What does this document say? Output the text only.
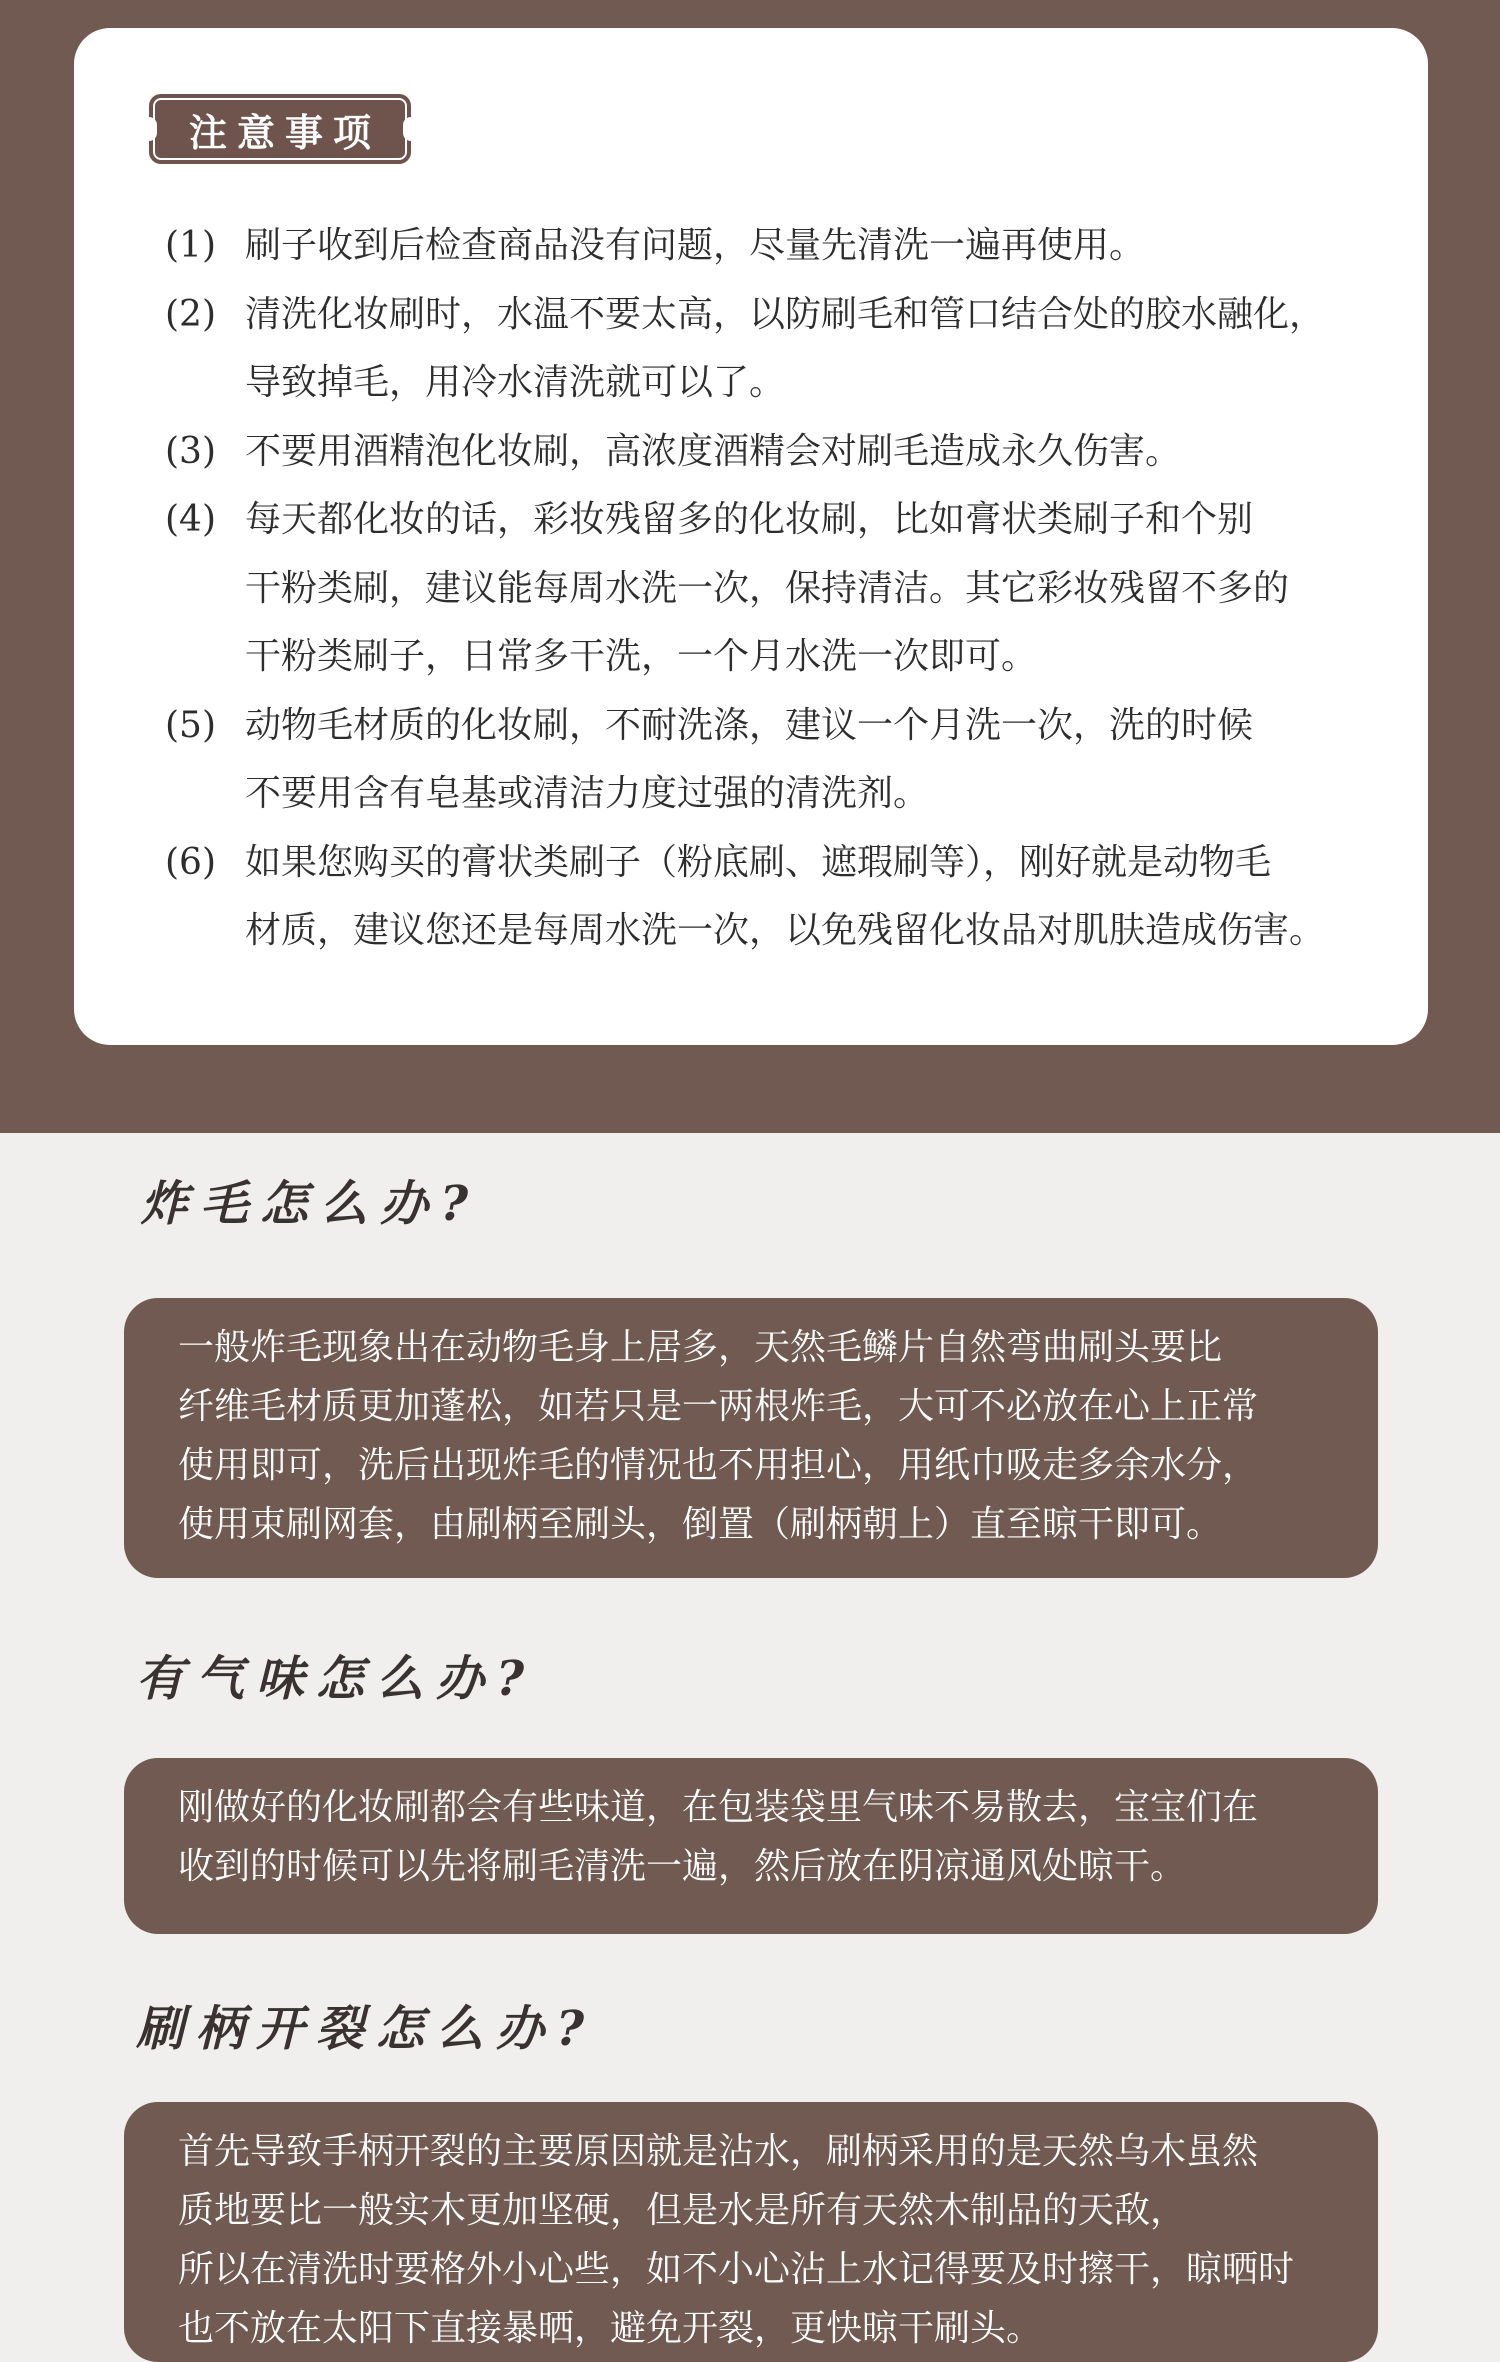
注意事项
(1) 刷子收到后检查商品没有问题，尽量先清洗一遍再使用。
(2) 清洗化妆刷时，水温不要太高，以防刷毛和管口结合处的胶水融化，
导致掉毛，用冷水清洗就可以了。
(3) 不要用酒精泡化妆刷，高浓度酒精会对刷毛造成永久伤害。
(4) 每天都化妆的话，彩妆残留多的化妆刷，比如膏状类刷子和个别
干粉类刷，建议能每周水洗一次，保持清洁。其它彩妆残留不多的
干粉类刷子，日常多干洗，一个月水洗一次即可。
(5) 动物毛材质的化妆刷，不耐洗涤，建议一个月洗一次，洗的时候
不要用含有皂基或清洁力度过强的清洗剂。
(6) 如果您购买的膏状类刷子（粉底刷、遮瑕刷等），刚好就是动物毛
材质，建议您还是每周水洗一次，以免残留化妆品对肌肤造成伤害。
炸毛怎么办?
一般炸毛现象出在动物毛身上居多，天然毛鳞片自然弯曲刷头要比
纤维毛材质更加蓬松，如若只是一两根炸毛，大可不必放在心上正常
使用即可，洗后出现炸毛的情况也不用担心，用纸巾吸走多余水分，
使用束刷网套，由刷柄至刷头，倒置（刷柄朝上）直至晾干即可。
有气味怎么办?
刚做好的化妆刷都会有些味道，在包装袋里气味不易散去，宝宝们在
收到的时候可以先将刷毛清洗一遍，然后放在阴凉通风处晾干。
刷柄开裂怎么办?
首先导致手柄开裂的主要原因就是沾水，刷柄采用的是天然乌木虽然
质地要比一般实木更加坚硬，但是水是所有天然木制品的天敌，
所以在清洗时要格外小心些，如不小心沾上水记得要及时擦干，晾晒时
也不放在太阳下直接暴晒，避免开裂，更快晾干刷头。
